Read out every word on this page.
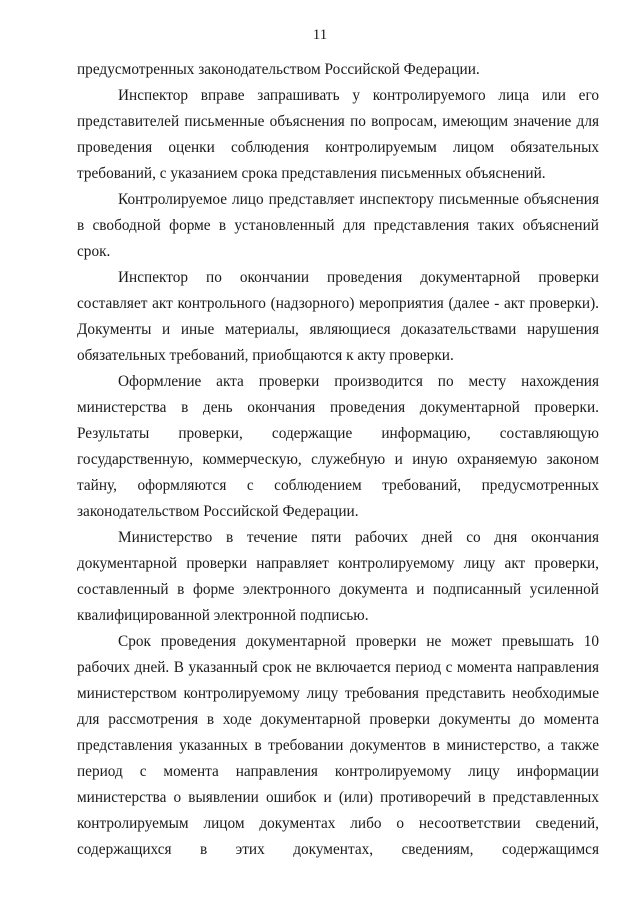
11

предусмотренных законодательством Российской Федерации.

Инспектор вправе запрашивать у контролируемого лица или его представителей письменные объяснения по вопросам, имеющим значение для проведения оценки соблюдения контролируемым лицом обязательных требований, с указанием срока представления письменных объяснений.

Контролируемое лицо представляет инспектору письменные объяснения в свободной форме в установленный для представления таких объяснений срок.

Инспектор по окончании проведения документарной проверки составляет акт контрольного (надзорного) мероприятия (далее - акт проверки). Документы и иные материалы, являющиеся доказательствами нарушения обязательных требований, приобщаются к акту проверки.

Оформление акта проверки производится по месту нахождения министерства в день окончания проведения документарной проверки. Результаты проверки, содержащие информацию, составляющую государственную, коммерческую, служебную и иную охраняемую законом тайну, оформляются с соблюдением требований, предусмотренных законодательством Российской Федерации.

Министерство в течение пяти рабочих дней со дня окончания документарной проверки направляет контролируемому лицу акт проверки, составленный в форме электронного документа и подписанный усиленной квалифицированной электронной подписью.

Срок проведения документарной проверки не может превышать 10 рабочих дней. В указанный срок не включается период с момента направления министерством контролируемому лицу требования представить необходимые для рассмотрения в ходе документарной проверки документы до момента представления указанных в требовании документов в министерство, а также период с момента направления контролируемому лицу информации министерства о выявлении ошибок и (или) противоречий в представленных контролируемым лицом документах либо о несоответствии сведений, содержащихся в этих документах, сведениям, содержащимся
